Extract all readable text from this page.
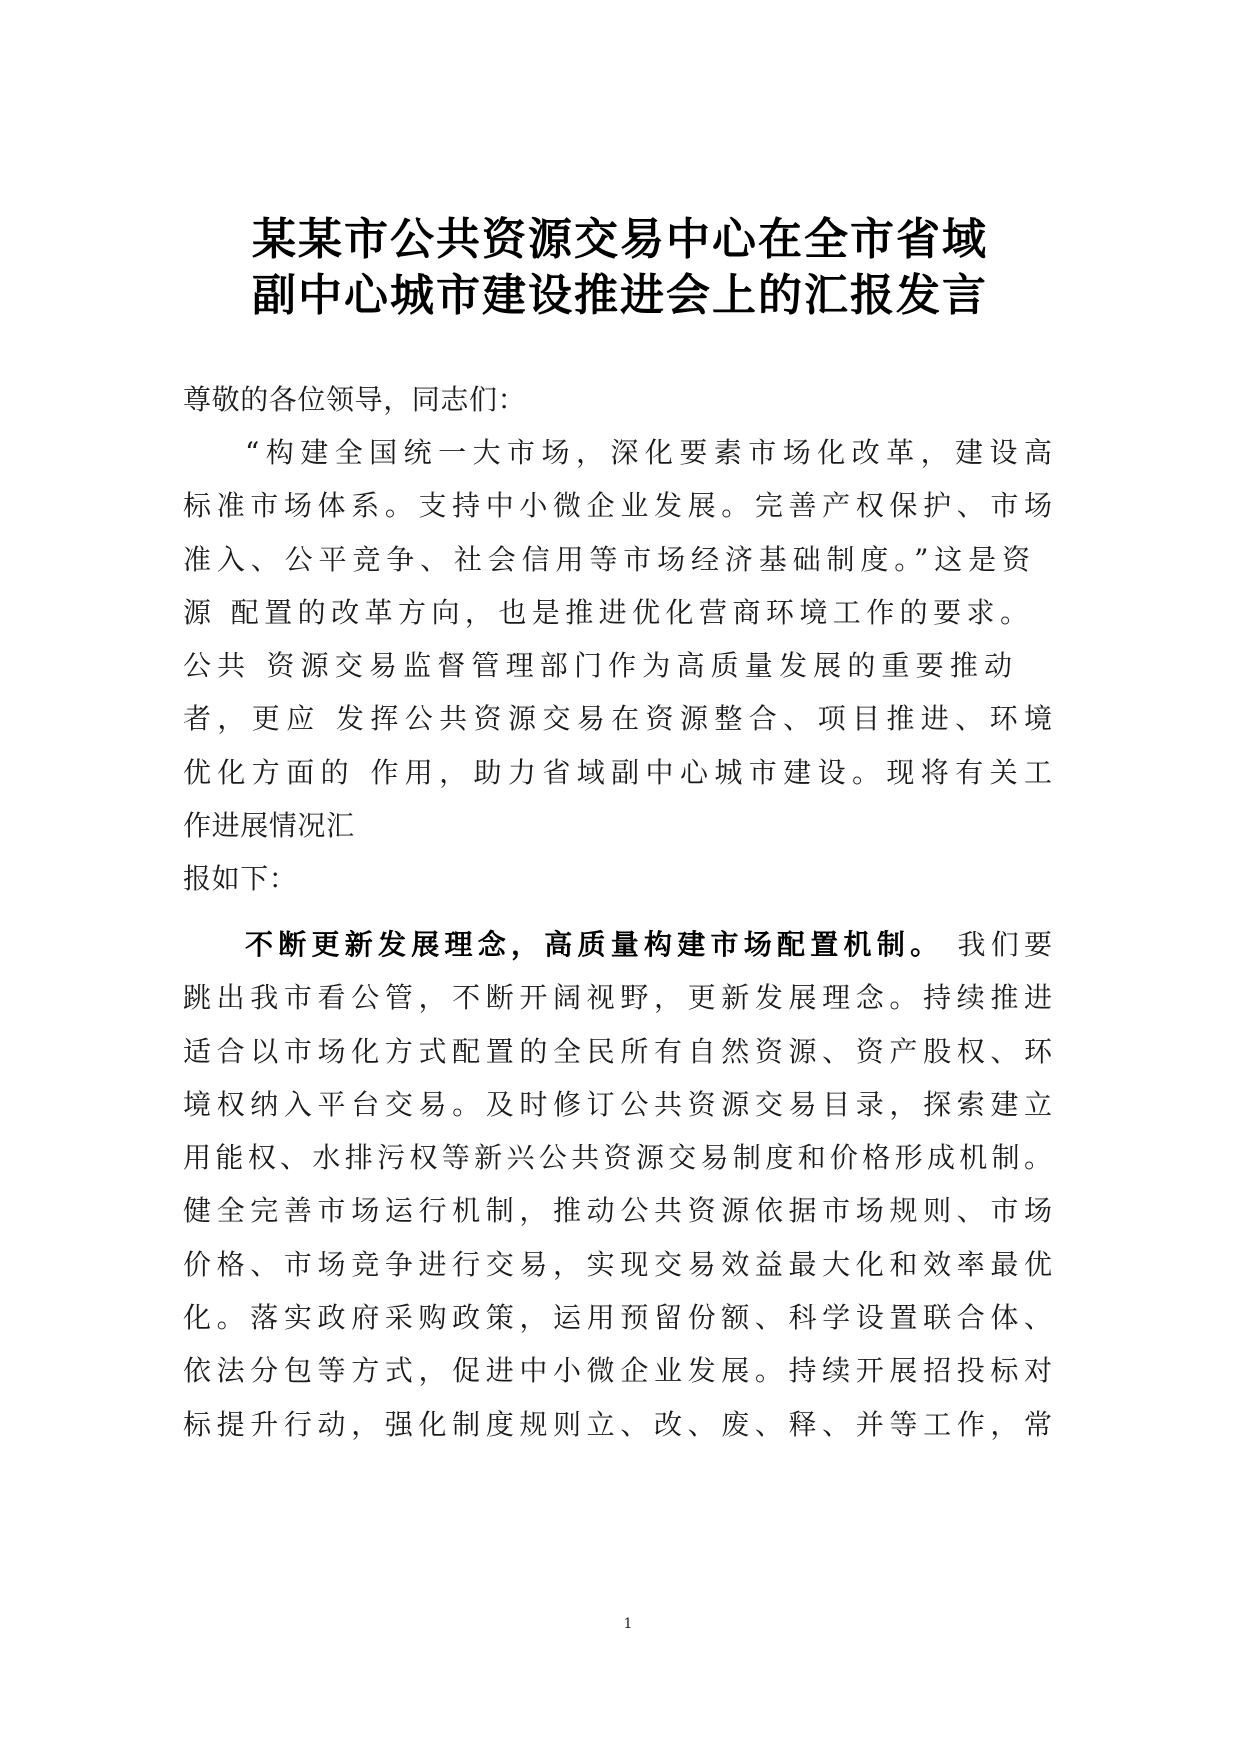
某某市公共资源交易中心在全市省域
副中心城市建设推进会上的汇报发言
尊敬的各位领导，同志们：
“构建全国统一大市场，深化要素市场化改革，建设高
标准市场体系。支持中小微企业发展。完善产权保护、市场
准入、公平竞争、社会信用等市场经济基础制度。”这是资
源 配置的改革方向，也是推进优化营商环境工作的要求。
公共 资源交易监督管理部门作为高质量发展的重要推动
者，更应 发挥公共资源交易在资源整合、项目推进、环境
优化方面的 作用，助力省域副中心城市建设。现将有关工
作进展情况汇
报如下：
不断更新发展理念，高质量构建市场配置机制。 我们要
跳出我市看公管，不断开阔视野，更新发展理念。持续推进
适合以市场化方式配置的全民所有自然资源、资产股权、环
境权纳入平台交易。及时修订公共资源交易目录，探索建立
用能权、水排污权等新兴公共资源交易制度和价格形成机制。
健全完善市场运行机制，推动公共资源依据市场规则、市场
价格、市场竞争进行交易，实现交易效益最大化和效率最优
化。落实政府采购政策，运用预留份额、科学设置联合体、
依法分包等方式，促进中小微企业发展。持续开展招投标对
标提升行动，强化制度规则立、改、废、释、并等工作，常
1
